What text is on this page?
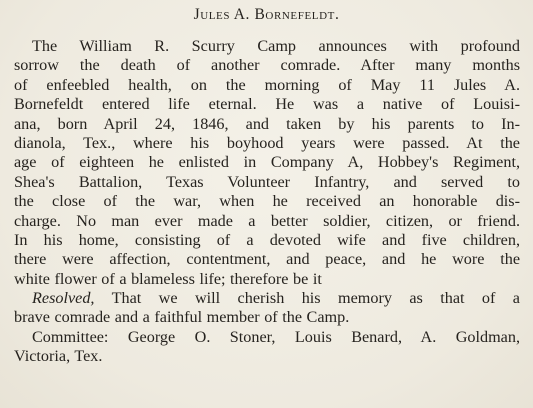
Jules A. Bornefeldt.
The William R. Scurry Camp announces with profound
sorrow the death of another comrade. After many months
of enfeebled health, on the morning of May 11 Jules A.
Bornefeldt entered life eternal. He was a native of Louisi-
ana, born April 24, 1846, and taken by his parents to In-
dianola, Tex., where his boyhood years were passed. At the
age of eighteen he enlisted in Company A, Hobbey's Regiment,
Shea's Battalion, Texas Volunteer Infantry, and served to
the close of the war, when he received an honorable dis-
charge. No man ever made a better soldier, citizen, or friend.
In his home, consisting of a devoted wife and five children,
there were affection, contentment, and peace, and he wore the
white flower of a blameless life; therefore be it
Resolved, That we will cherish his memory as that of a
brave comrade and a faithful member of the Camp.
Committee: George O. Stoner, Louis Benard, A. Goldman,
Victoria, Tex.
